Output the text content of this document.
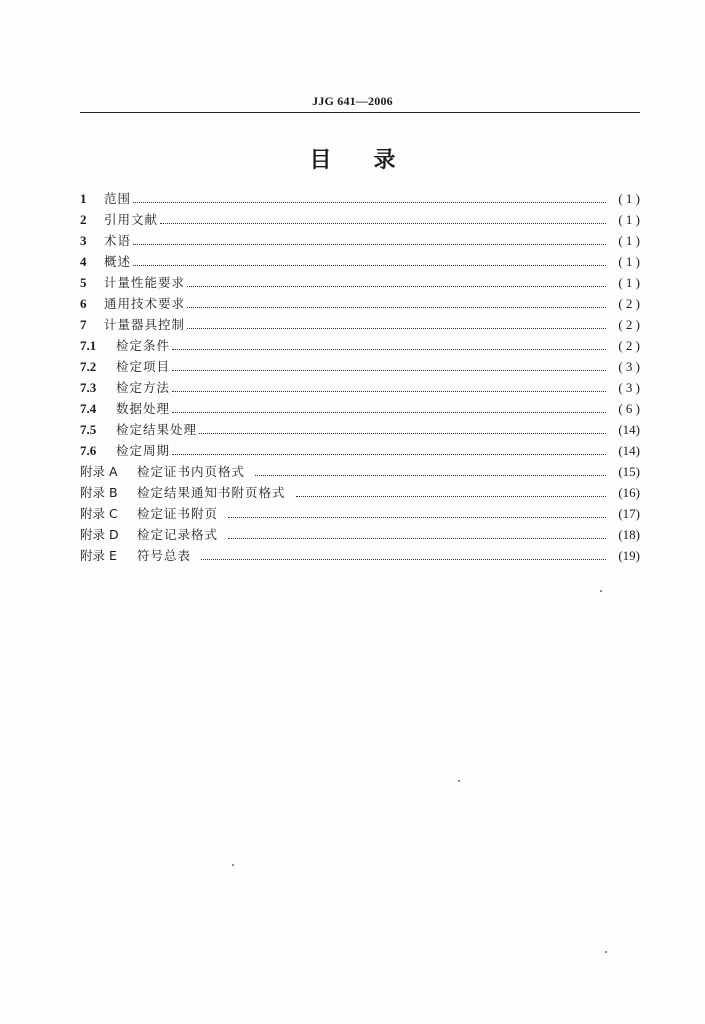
JJG 641—2006
目 录
1	范围	( 1 )
2	引用文献	( 1 )
3	术语	( 1 )
4	概述	( 1 )
5	计量性能要求	( 1 )
6	通用技术要求	( 2 )
7	计量器具控制	( 2 )
7.1	检定条件	( 2 )
7.2	检定项目	( 3 )
7.3	检定方法	( 3 )
7.4	数据处理	( 6 )
7.5	检定结果处理	(14)
7.6	检定周期	(14)
附录 A	检定证书内页格式	(15)
附录 B	检定结果通知书附页格式	(16)
附录 C	检定证书附页	(17)
附录 D	检定记录格式	(18)
附录 E	符号总表	(19)
